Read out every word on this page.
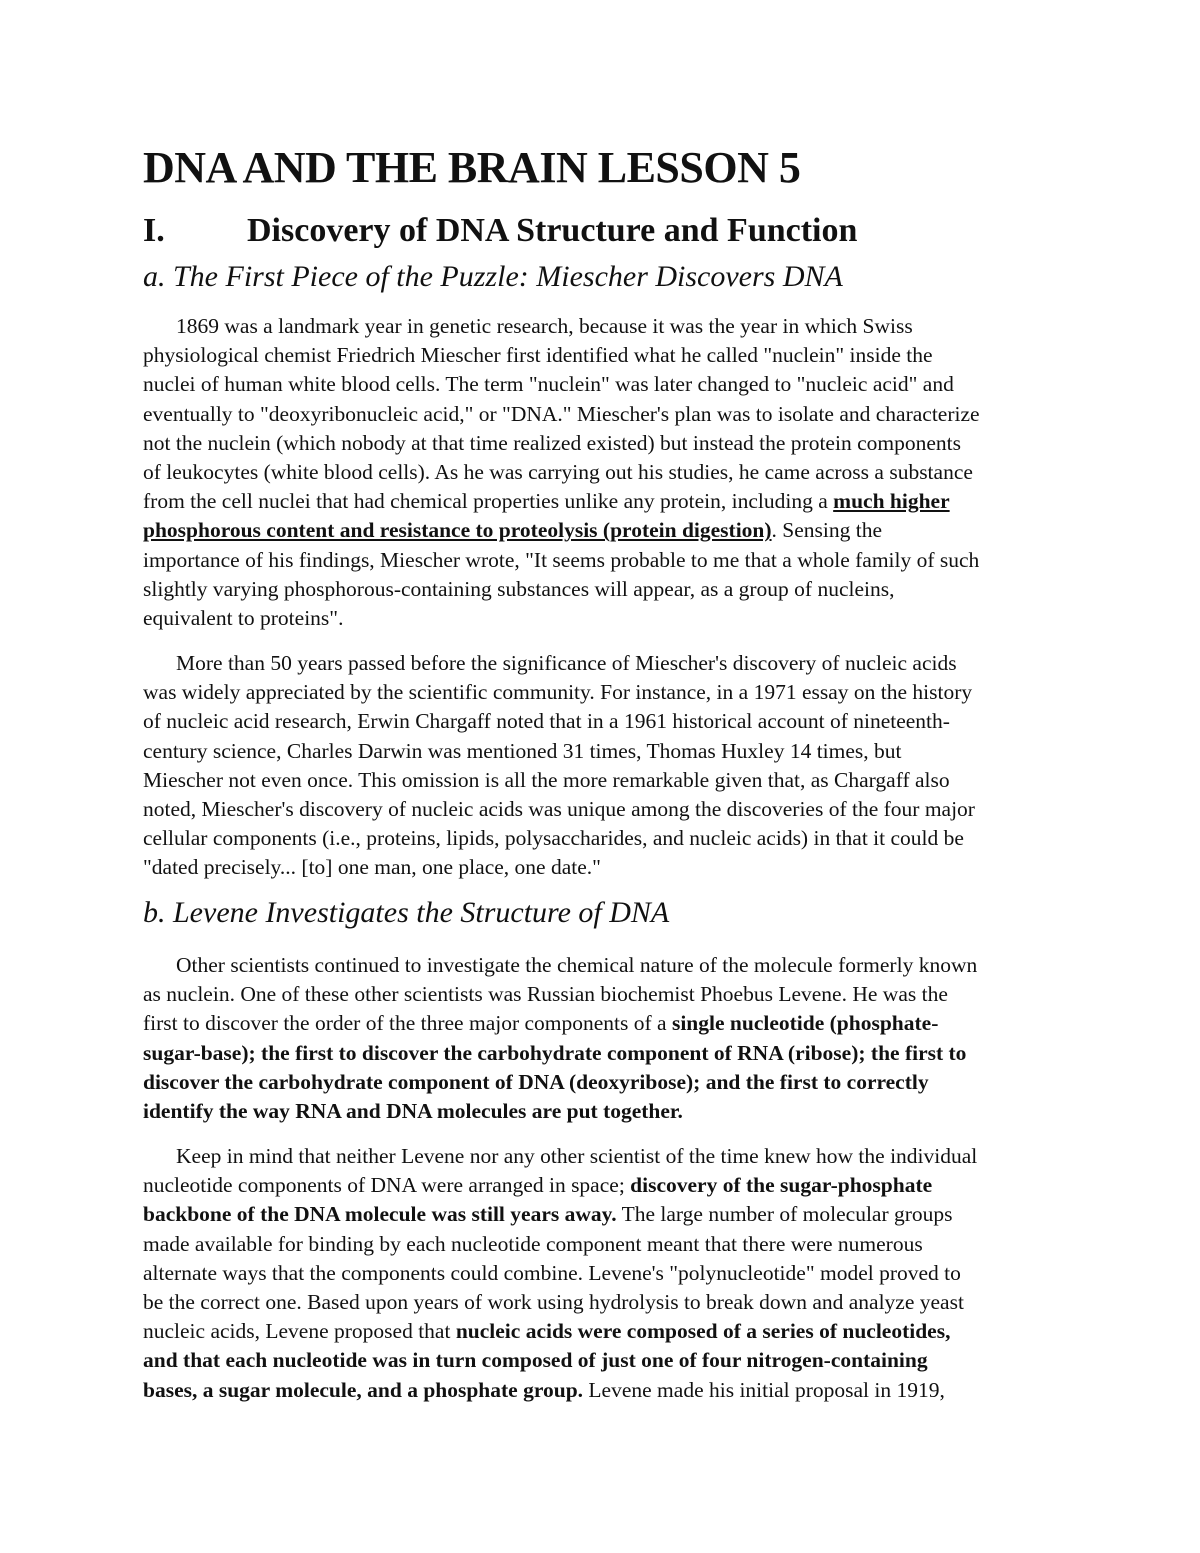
DNA AND THE BRAIN LESSON 5
I. Discovery of DNA Structure and Function
a. The First Piece of the Puzzle: Miescher Discovers DNA

1869 was a landmark year in genetic research, because it was the year in which Swiss
physiological chemist Friedrich Miescher first identified what he called "nuclein" inside the
nuclei of human white blood cells. The term "nuclein" was later changed to "nucleic acid" and
eventually to "deoxyribonucleic acid," or "DNA." Miescher's plan was to isolate and characterize
not the nuclein (which nobody at that time realized existed) but instead the protein components
of leukocytes (white blood cells). As he was carrying out his studies, he came across a substance
from the cell nuclei that had chemical properties unlike any protein, including a much higher
phosphorous content and resistance to proteolysis (protein digestion). Sensing the
importance of his findings, Miescher wrote, "It seems probable to me that a whole family of such
slightly varying phosphorous-containing substances will appear, as a group of nucleins,
equivalent to proteins".

More than 50 years passed before the significance of Miescher's discovery of nucleic acids
was widely appreciated by the scientific community. For instance, in a 1971 essay on the history
of nucleic acid research, Erwin Chargaff noted that in a 1961 historical account of nineteenth-
century science, Charles Darwin was mentioned 31 times, Thomas Huxley 14 times, but
Miescher not even once. This omission is all the more remarkable given that, as Chargaff also
noted, Miescher's discovery of nucleic acids was unique among the discoveries of the four major
cellular components (i.e., proteins, lipids, polysaccharides, and nucleic acids) in that it could be
"dated precisely... [to] one man, one place, one date."

b. Levene Investigates the Structure of DNA

Other scientists continued to investigate the chemical nature of the molecule formerly known
as nuclein. One of these other scientists was Russian biochemist Phoebus Levene. He was the
first to discover the order of the three major components of a single nucleotide (phosphate-
sugar-base); the first to discover the carbohydrate component of RNA (ribose); the first to
discover the carbohydrate component of DNA (deoxyribose); and the first to correctly
identify the way RNA and DNA molecules are put together.

Keep in mind that neither Levene nor any other scientist of the time knew how the individual
nucleotide components of DNA were arranged in space; discovery of the sugar-phosphate
backbone of the DNA molecule was still years away. The large number of molecular groups
made available for binding by each nucleotide component meant that there were numerous
alternate ways that the components could combine. Levene's "polynucleotide" model proved to
be the correct one. Based upon years of work using hydrolysis to break down and analyze yeast
nucleic acids, Levene proposed that nucleic acids were composed of a series of nucleotides,
and that each nucleotide was in turn composed of just one of four nitrogen-containing
bases, a sugar molecule, and a phosphate group. Levene made his initial proposal in 1919,
